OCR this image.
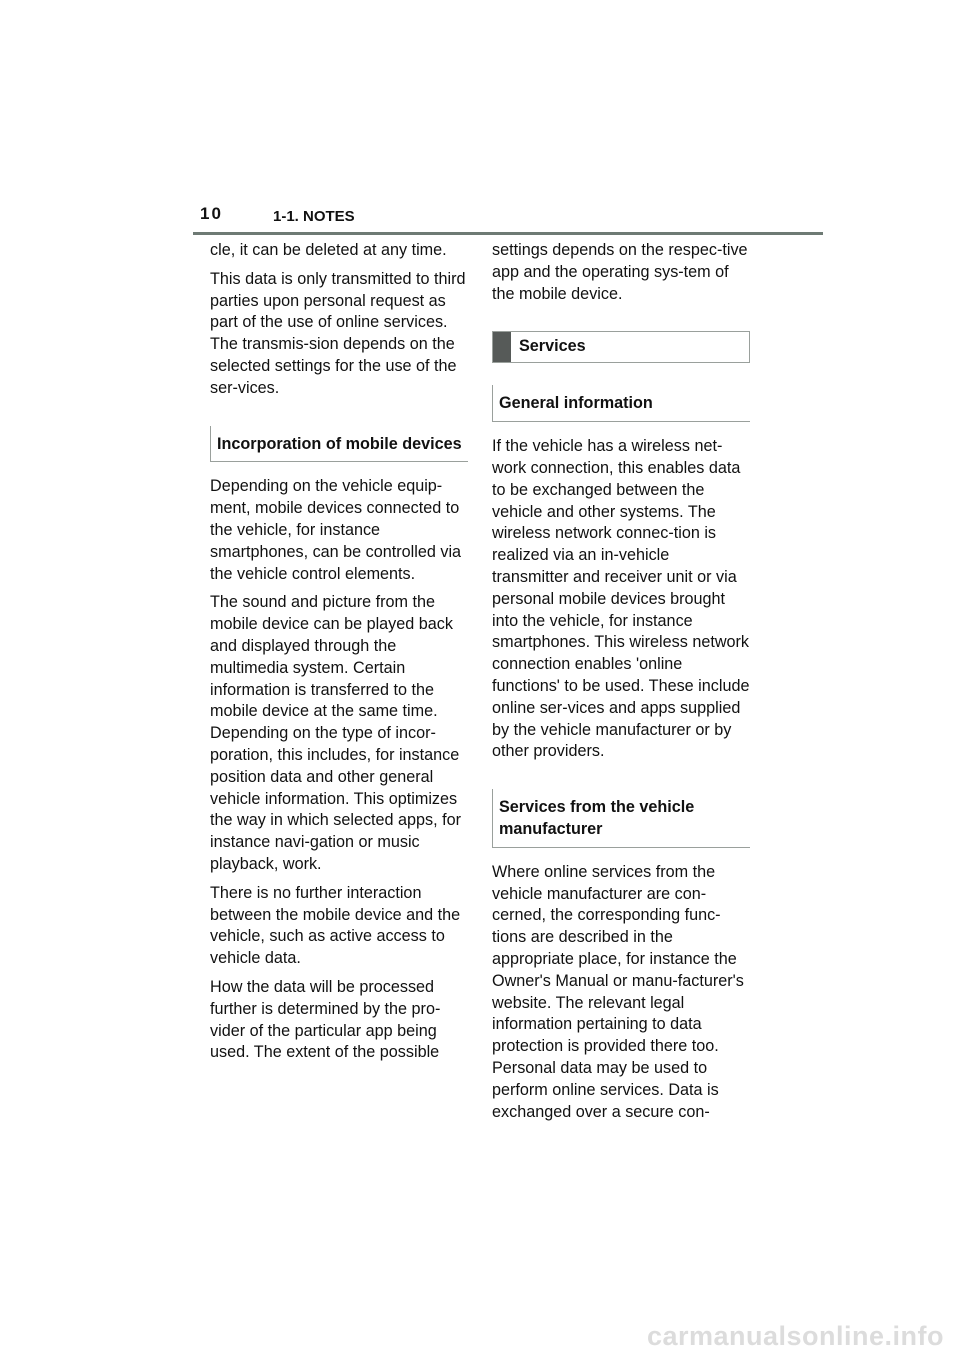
10	1-1. NOTES

cle, it can be deleted at any time.

This data is only transmitted to third parties upon personal request as part of the use of online services. The transmis-sion depends on the selected settings for the use of the ser-vices.

Incorporation of mobile devices

Depending on the vehicle equip-ment, mobile devices connected to the vehicle, for instance smartphones, can be controlled via the vehicle control elements.

The sound and picture from the mobile device can be played back and displayed through the multimedia system. Certain information is transferred to the mobile device at the same time. Depending on the type of incor-poration, this includes, for instance position data and other general vehicle information. This optimizes the way in which selected apps, for instance navi-gation or music playback, work.

There is no further interaction between the mobile device and the vehicle, such as active access to vehicle data.

How the data will be processed further is determined by the pro-vider of the particular app being used. The extent of the possible

settings depends on the respec-tive app and the operating sys-tem of the mobile device.

Services
General information

If the vehicle has a wireless net-work connection, this enables data to be exchanged between the vehicle and other systems. The wireless network connec-tion is realized via an in-vehicle transmitter and receiver unit or via personal mobile devices brought into the vehicle, for instance smartphones. This wireless network connection enables 'online functions' to be used. These include online ser-vices and apps supplied by the vehicle manufacturer or by other providers.

Services from the vehicle manufacturer

Where online services from the vehicle manufacturer are con-cerned, the corresponding func-tions are described in the appropriate place, for instance the Owner's Manual or manu-facturer's website. The relevant legal information pertaining to data protection is provided there too. Personal data may be used to perform online services. Data is exchanged over a secure con-

carmanualsonline.info
